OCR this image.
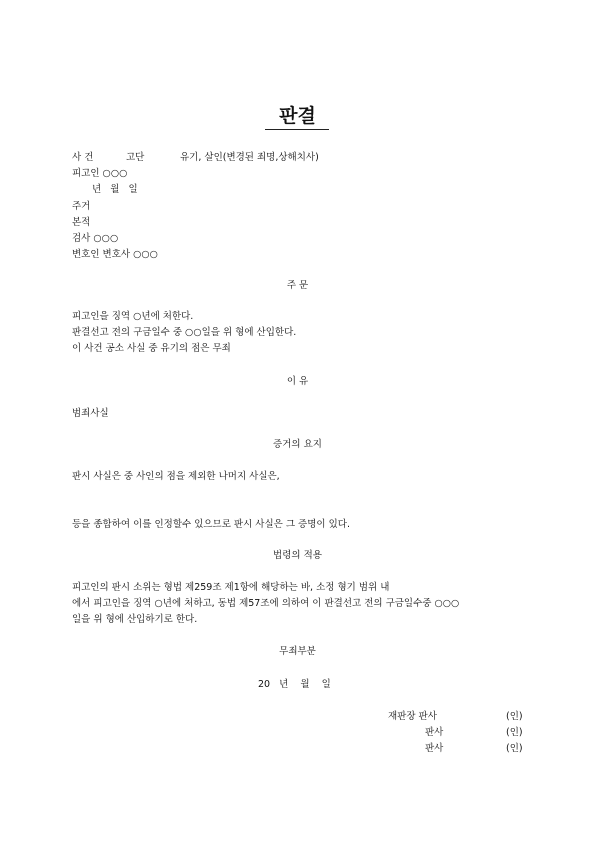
판결
사 건	고단	유기, 살인(변경된 죄명,상해치사)
피고인 ○○○
년   월   일
주거
본적
검사 ○○○
변호인 변호사 ○○○
주 문
피고인을 징역 ○년에 처한다.
판결선고 전의 구금일수 중 ○○일을 위 형에 산입한다.
이 사건 공소 사실 중 유기의 점은 무죄
이 유
범죄사실
증거의 요지
판시 사실은 중 사인의 점을 제외한 나머지 사실은,
등을 종합하여 이를 인정할수 있으므로 판시 사실은 그 증명이 있다.
법령의 적용
피고인의 판시 소위는 형법 제259조 제1항에 해당하는 바, 소정 형기 범위 내
에서 피고인을 징역 ○년에 처하고, 동법 제57조에 의하여 이 판결선고 전의 구금일수중 ○○○
일을 위 형에 산입하기로 한다.
무죄부분
20   년    월    일
재판장 판사	(인)
판사	(인)
판사	(인)
